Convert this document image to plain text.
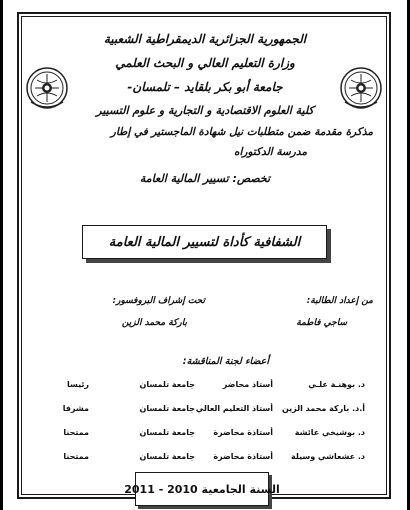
الجمهورية الجزائرية الديمقراطية الشعبية
وزارة التعليم العالي و البحث العلمي
جامعة أبو بكر بلقايد – تلمسان-
كلية العلوم الاقتصادية و التجارية و علوم التسيير
مذكرة مقدمة ضمن متطلبات نيل شهادة الماجستير في إطار
مدرسة الدكتوراه
تخصص: تسيير المالية العامة
الشفافية كأداة لتسيير المالية العامة
من إعداد الطالبة:
تحت إشراف البروفسور:
ساجي فاطمة
باركة محمد الزين
أعضاء لجنة المناقشة:
د. بوهنـة علـي
أستاذ محاضر
جامعة تلمسان
رئيسا
أ.د. باركة محمد الزين
أستاذ التعليم العالي
جامعة تلمسان
مشرفا
د. بوشيخي عائشة
أستاذة محاضرة
جامعة تلمسان
ممتحنا
د. عشعاشي وسيلة
أستاذة محاضرة
جامعة تلمسان
ممتحنا
السنة الجامعية 2010 - 2011
